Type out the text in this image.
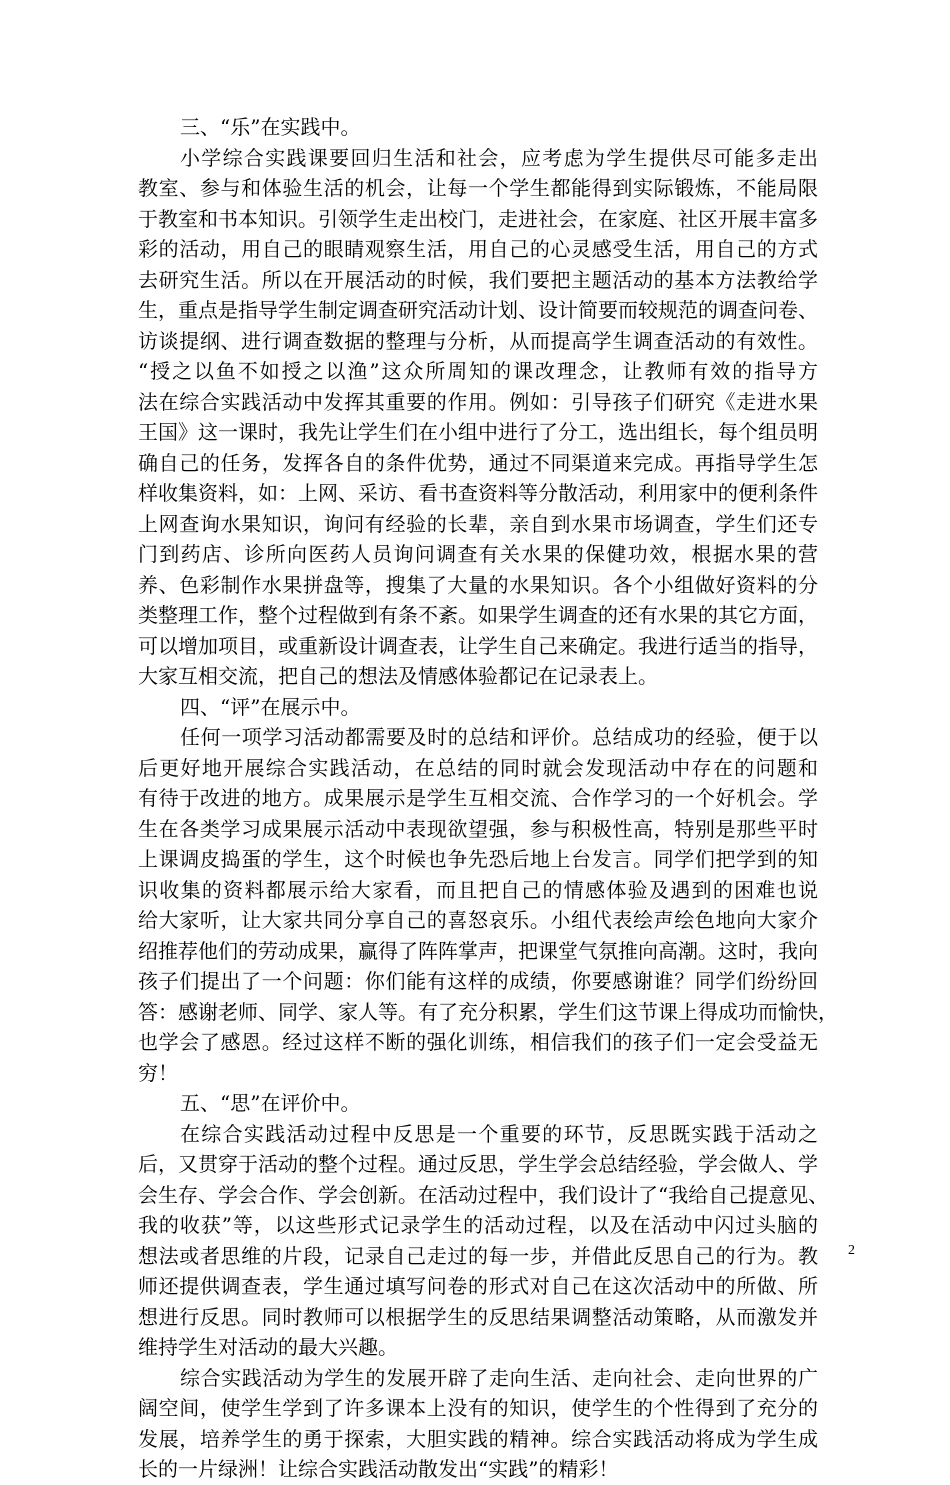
三、“乐”在实践中。
小学综合实践课要回归生活和社会，应考虑为学生提供尽可能多走出
教室、参与和体验生活的机会，让每一个学生都能得到实际锻炼，不能局限
于教室和书本知识。引领学生走出校门，走进社会，在家庭、社区开展丰富多
彩的活动，用自己的眼睛观察生活，用自己的心灵感受生活，用自己的方式
去研究生活。所以在开展活动的时候，我们要把主题活动的基本方法教给学
生，重点是指导学生制定调查研究活动计划、设计简要而较规范的调查问卷、
访谈提纲、进行调查数据的整理与分析，从而提高学生调查活动的有效性。
“授之以鱼不如授之以渔”这众所周知的课改理念，让教师有效的指导方
法在综合实践活动中发挥其重要的作用。例如：引导孩子们研究《走进水果
王国》这一课时，我先让学生们在小组中进行了分工，选出组长，每个组员明
确自己的任务，发挥各自的条件优势，通过不同渠道来完成。再指导学生怎
样收集资料，如：上网、采访、看书查资料等分散活动，利用家中的便利条件
上网查询水果知识，询问有经验的长辈，亲自到水果市场调查，学生们还专
门到药店、诊所向医药人员询问调查有关水果的保健功效，根据水果的营
养、色彩制作水果拼盘等，搜集了大量的水果知识。各个小组做好资料的分
类整理工作，整个过程做到有条不紊。如果学生调查的还有水果的其它方面，
可以增加项目，或重新设计调查表，让学生自己来确定。我进行适当的指导，
大家互相交流，把自己的想法及情感体验都记在记录表上。
四、“评”在展示中。
任何一项学习活动都需要及时的总结和评价。总结成功的经验，便于以
后更好地开展综合实践活动，在总结的同时就会发现活动中存在的问题和
有待于改进的地方。成果展示是学生互相交流、合作学习的一个好机会。学
生在各类学习成果展示活动中表现欲望强，参与积极性高，特别是那些平时
上课调皮捣蛋的学生，这个时候也争先恐后地上台发言。同学们把学到的知
识收集的资料都展示给大家看，而且把自己的情感体验及遇到的困难也说
给大家听，让大家共同分享自己的喜怒哀乐。小组代表绘声绘色地向大家介
绍推荐他们的劳动成果，赢得了阵阵掌声，把课堂气氛推向高潮。这时，我向
孩子们提出了一个问题：你们能有这样的成绩，你要感谢谁？同学们纷纷回
答：感谢老师、同学、家人等。有了充分积累，学生们这节课上得成功而愉快，
也学会了感恩。经过这样不断的强化训练，相信我们的孩子们一定会受益无
穷！
五、“思”在评价中。
在综合实践活动过程中反思是一个重要的环节，反思既实践于活动之
后，又贯穿于活动的整个过程。通过反思，学生学会总结经验，学会做人、学
会生存、学会合作、学会创新。在活动过程中，我们设计了“我给自己提意见、
我的收获”等，以这些形式记录学生的活动过程，以及在活动中闪过头脑的
想法或者思维的片段，记录自己走过的每一步，并借此反思自己的行为。教
师还提供调查表，学生通过填写问卷的形式对自己在这次活动中的所做、所
想进行反思。同时教师可以根据学生的反思结果调整活动策略，从而激发并
维持学生对活动的最大兴趣。
综合实践活动为学生的发展开辟了走向生活、走向社会、走向世界的广
阔空间，使学生学到了许多课本上没有的知识，使学生的个性得到了充分的
发展，培养学生的勇于探索，大胆实践的精神。综合实践活动将成为学生成
长的一片绿洲！让综合实践活动散发出“实践”的精彩！
2
